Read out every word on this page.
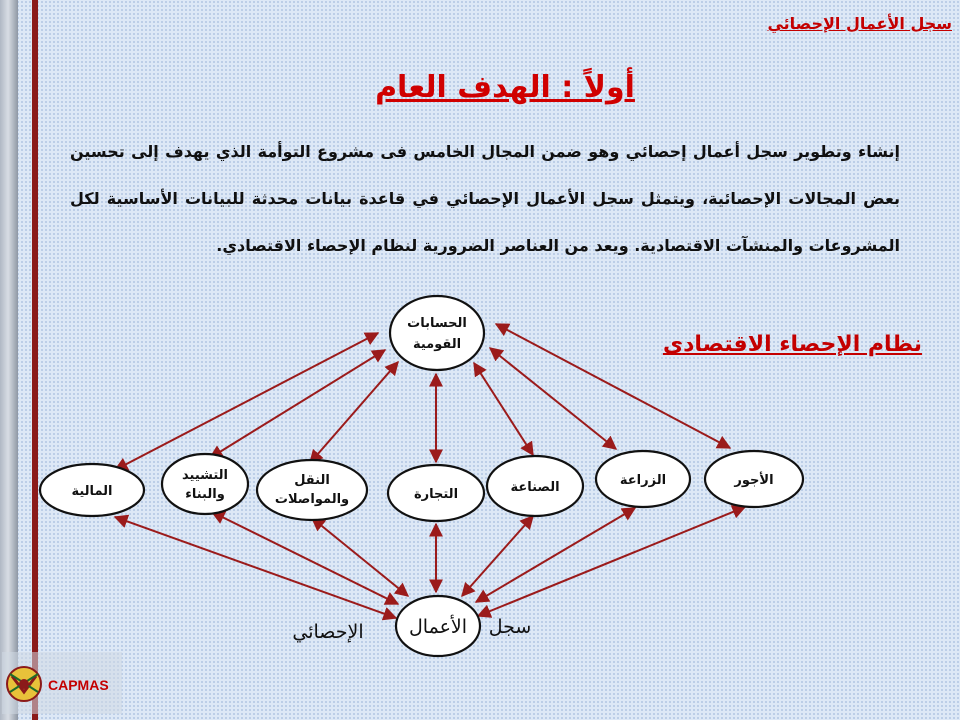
سجل الأعمال الإحصائي
أولاً : الهدف العام

إنشاء وتطوير سجل أعمال إحصائي وهو ضمن المجال الخامس فى مشروع التوأمة الذي يهدف إلى تحسين بعض المجالات الإحصائية، ويتمثل سجل الأعمال الإحصائي في قاعدة بيانات محدثة للبيانات الأساسية لكل المشروعات والمنشآت الاقتصادية. ويعد من العناصر الضرورية لنظام الإحصاء الاقتصادي.

نظام الإحصاء الاقتصادى
الحسابات
القومية
المالية
التشييد
والبناء
النقل
والمواصلات	التجارة	الصناعة	الزراعة	الأجور
الأعمال
الإحصائي	سجل
CAPMAS
